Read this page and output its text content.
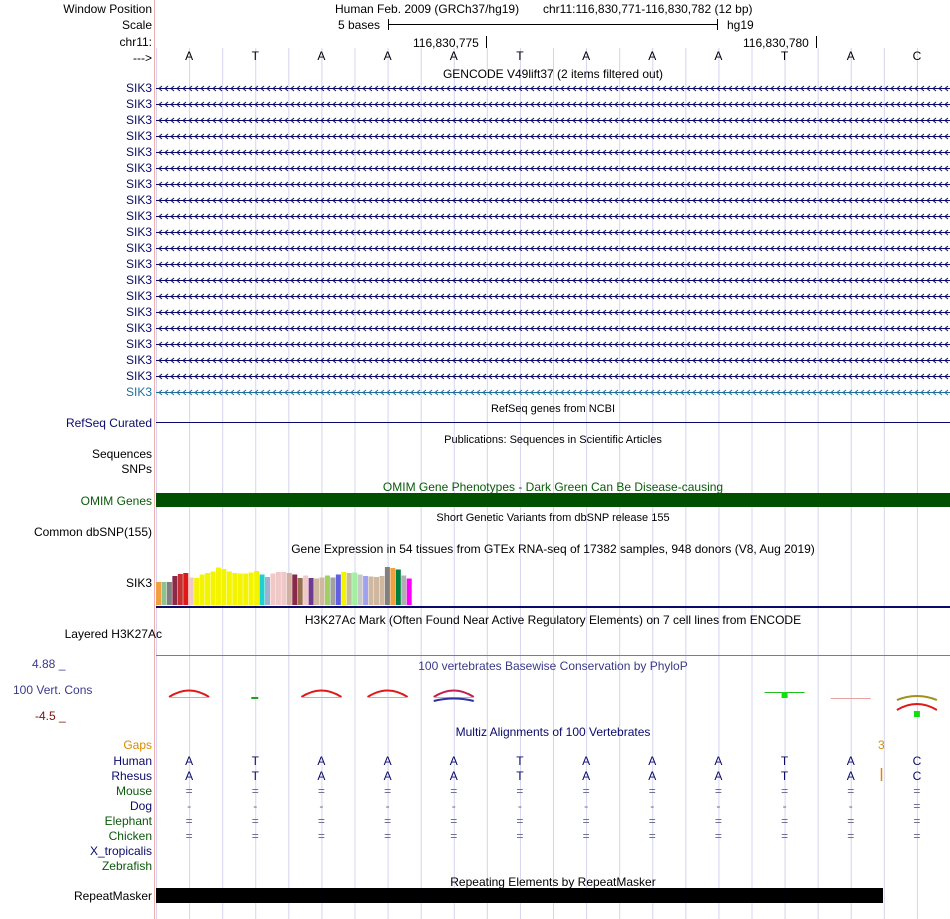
Window Position	Human Feb. 2009 (GRCh37/hg19) chr11:116,830,771-116,830,782 (12 bp)
Scale	5 bases	hg19
chr11:	116,830,775	116,830,780
--->	A	T	A	A	A	T	A	A	A	T	A	C
GENCODE V49lift37 (2 items filtered out)
SIK3
SIK3
SIK3
SIK3
SIK3
SIK3
SIK3
SIK3
SIK3
SIK3
SIK3
SIK3
SIK3
SIK3
SIK3
SIK3
SIK3
SIK3
SIK3
SIK3
RefSeq genes from NCBI
RefSeq Curated
Publications: Sequences in Scientific Articles
Sequences
SNPs
OMIM Gene Phenotypes - Dark Green Can Be Disease-causing
OMIM Genes
Short Genetic Variants from dbSNP release 155
Common dbSNP(155)
Gene Expression in 54 tissues from GTEx RNA-seq of 17382 samples, 948 donors (V8, Aug 2019)
SIK3
H3K27Ac Mark (Often Found Near Active Regulatory Elements) on 7 cell lines from ENCODE
Layered H3K27Ac
100 vertebrates Basewise Conservation by PhyloP
4.88 _
100 Vert. Cons
-4.5 _
Multiz Alignments of 100 Vertebrates
Gaps	3
Human	A	T	A	A	A	T	A	A	A	T	A	C
Rhesus	A	T	A	A	A	T	A	A	A	T	A	C
Mouse	=	=	=	=	=	=	=	=	=	=	=	=
Dog	-	-	-	-	-	-	-	-	-	-	-	=
Elephant	=	=	=	=	=	=	=	=	=	=	=	=
Chicken	=	=	=	=	=	=	=	=	=	=	=	=
X_tropicalis
Zebrafish
Repeating Elements by RepeatMasker
RepeatMasker
